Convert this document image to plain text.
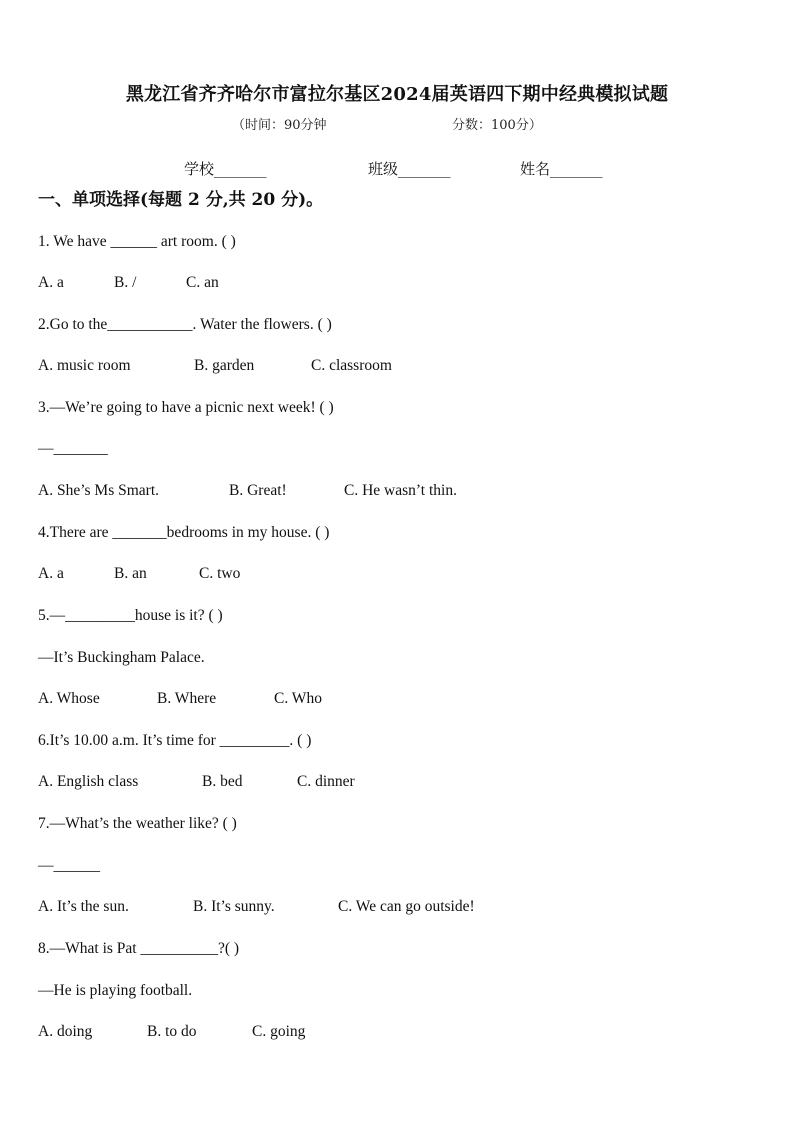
黑龙江省齐齐哈尔市富拉尔基区2024届英语四下期中经典模拟试题
（时间：90分钟	分数：100分）
学校_______	班级_______	姓名_______
一、单项选择(每题 2 分,共 20 分)。
1. We have ______ art room. ( )
A. a	B. /	C. an
2.Go to the___________. Water the flowers. ( )
A. music room	B. garden	C. classroom
3.—We’re going to have a picnic next week! ( )
—_______
A. She’s Ms Smart.	B. Great!	C. He wasn’t thin.
4.There are _______bedrooms in my house. ( )
A. a	B. an	C. two
5.—_________house is it? ( )
—It’s Buckingham Palace.
A. Whose	B. Where	C. Who
6.It’s 10.00 a.m. It’s time for _________. ( )
A. English class	B. bed	C. dinner
7.—What’s the weather like? ( )
—______
A. It’s the sun.	B. It’s sunny.	C. We can go outside!
8.—What is Pat __________?( )
—He is playing football.
A. doing	B. to do	C. going
